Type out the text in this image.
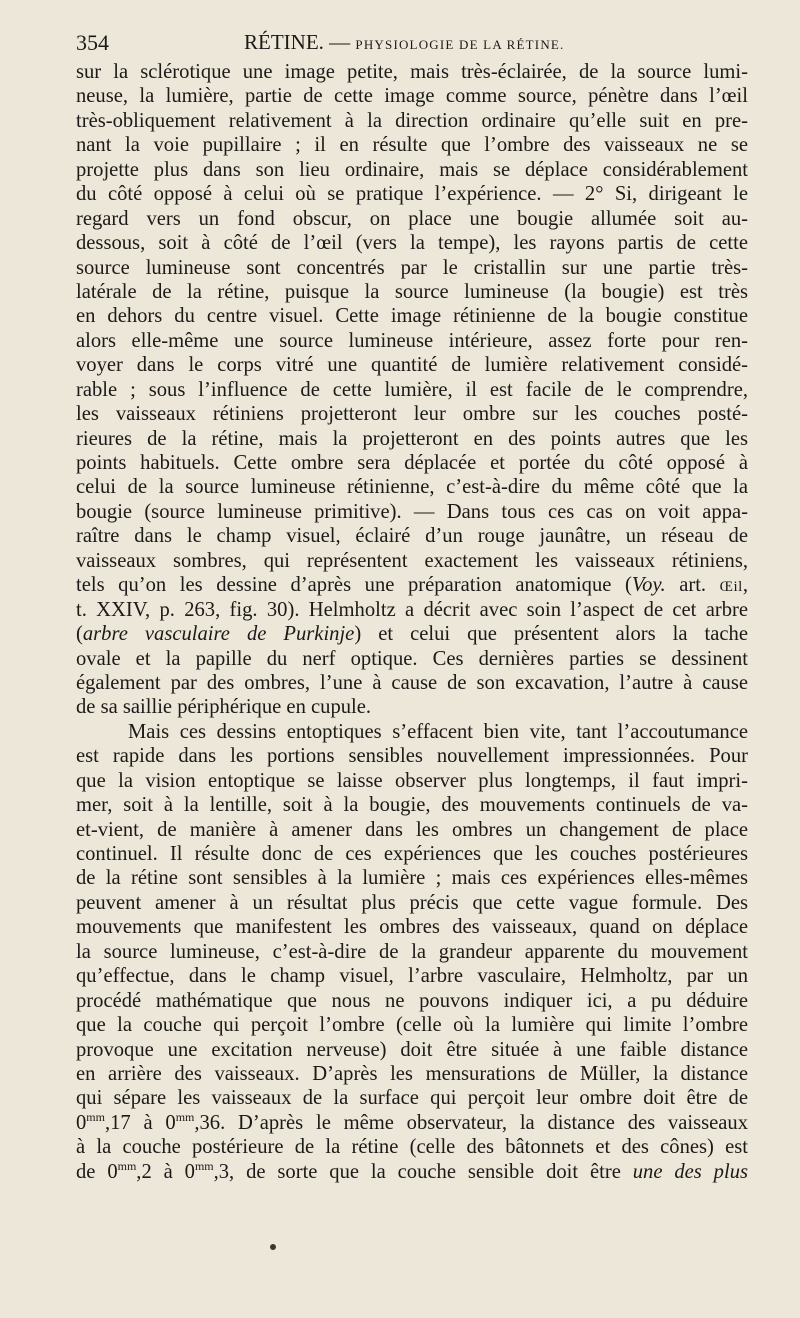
354	RÉTINE. — PHYSIOLOGIE DE LA RÉTINE.
sur la sclérotique une image petite, mais très-éclairée, de la source lumi-
neuse, la lumière, partie de cette image comme source, pénètre dans l’œil
très-obliquement relativement à la direction ordinaire qu’elle suit en pre-
nant la voie pupillaire ; il en résulte que l’ombre des vaisseaux ne se
projette plus dans son lieu ordinaire, mais se déplace considérablement
du côté opposé à celui où se pratique l’expérience. — 2° Si, dirigeant le
regard vers un fond obscur, on place une bougie allumée soit au-
dessous, soit à côté de l’œil (vers la tempe), les rayons partis de cette
source lumineuse sont concentrés par le cristallin sur une partie très-
latérale de la rétine, puisque la source lumineuse (la bougie) est très
en dehors du centre visuel. Cette image rétinienne de la bougie constitue
alors elle-même une source lumineuse intérieure, assez forte pour ren-
voyer dans le corps vitré une quantité de lumière relativement considé-
rable ; sous l’influence de cette lumière, il est facile de le comprendre,
les vaisseaux rétiniens projetteront leur ombre sur les couches posté-
rieures de la rétine, mais la projetteront en des points autres que les
points habituels. Cette ombre sera déplacée et portée du côté opposé à
celui de la source lumineuse rétinienne, c’est-à-dire du même côté que la
bougie (source lumineuse primitive). — Dans tous ces cas on voit appa-
raître dans le champ visuel, éclairé d’un rouge jaunâtre, un réseau de
vaisseaux sombres, qui représentent exactement les vaisseaux rétiniens,
tels qu’on les dessine d’après une préparation anatomique (Voy. art. Œil,
t. XXIV, p. 263, fig. 30). Helmholtz a décrit avec soin l’aspect de cet arbre
(arbre vasculaire de Purkinje) et celui que présentent alors la tache
ovale et la papille du nerf optique. Ces dernières parties se dessinent
également par des ombres, l’une à cause de son excavation, l’autre à cause
de sa saillie périphérique en cupule.
Mais ces dessins entoptiques s’effacent bien vite, tant l’accoutumance
est rapide dans les portions sensibles nouvellement impressionnées. Pour
que la vision entoptique se laisse observer plus longtemps, il faut impri-
mer, soit à la lentille, soit à la bougie, des mouvements continuels de va-
et-vient, de manière à amener dans les ombres un changement de place
continuel. Il résulte donc de ces expériences que les couches postérieures
de la rétine sont sensibles à la lumière ; mais ces expériences elles-mêmes
peuvent amener à un résultat plus précis que cette vague formule. Des
mouvements que manifestent les ombres des vaisseaux, quand on déplace
la source lumineuse, c’est-à-dire de la grandeur apparente du mouvement
qu’effectue, dans le champ visuel, l’arbre vasculaire, Helmholtz, par un
procédé mathématique que nous ne pouvons indiquer ici, a pu déduire
que la couche qui perçoit l’ombre (celle où la lumière qui limite l’ombre
provoque une excitation nerveuse) doit être située à une faible distance
en arrière des vaisseaux. D’après les mensurations de Müller, la distance
qui sépare les vaisseaux de la surface qui perçoit leur ombre doit être de
$0^{mm},17$ à $0^{mm},36$. D’après le même observateur, la distance des vaisseaux
à la couche postérieure de la rétine (celle des bâtonnets et des cônes) est
de $0^{mm},2$ à $0^{mm},3$, de sorte que la couche sensible doit être une des plus
